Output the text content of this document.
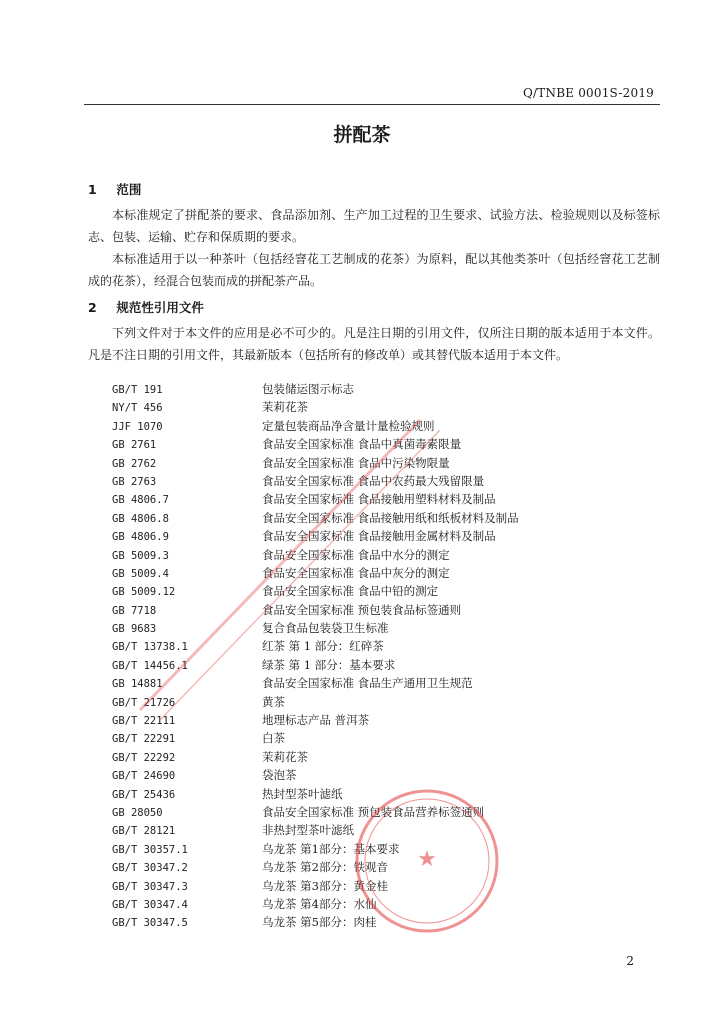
Q/TNBE 0001S-2019
拼配茶
1 范围
本标准规定了拼配茶的要求、食品添加剂、生产加工过程的卫生要求、试验方法、检验规则以及标签标志、包装、运输、贮存和保质期的要求。
本标准适用于以一种茶叶（包括经窨花工艺制成的花茶）为原料，配以其他类茶叶（包括经窨花工艺制成的花茶），经混合包装而成的拼配茶产品。
2 规范性引用文件
下列文件对于本文件的应用是必不可少的。凡是注日期的引用文件，仅所注日期的版本适用于本文件。凡是不注日期的引用文件，其最新版本（包括所有的修改单）或其替代版本适用于本文件。
GB/T 191	包装储运图示标志
NY/T 456	茉莉花茶
JJF 1070	定量包装商品净含量计量检验规则
GB 2761	食品安全国家标准 食品中真菌毒素限量
GB 2762	食品安全国家标准 食品中污染物限量
GB 2763	食品安全国家标准 食品中农药最大残留限量
GB 4806.7	食品安全国家标准 食品接触用塑料材料及制品
GB 4806.8	食品安全国家标准 食品接触用纸和纸板材料及制品
GB 4806.9	食品安全国家标准 食品接触用金属材料及制品
GB 5009.3	食品安全国家标准 食品中水分的测定
GB 5009.4	食品安全国家标准 食品中灰分的测定
GB 5009.12	食品安全国家标准 食品中铅的测定
GB 7718	食品安全国家标准 预包装食品标签通则
GB 9683	复合食品包装袋卫生标准
GB/T 13738.1	红茶 第 1 部分：红碎茶
GB/T 14456.1	绿茶 第 1 部分：基本要求
GB 14881	食品安全国家标准 食品生产通用卫生规范
GB/T 21726	黄茶
GB/T 22111	地理标志产品 普洱茶
GB/T 22291	白茶
GB/T 22292	茉莉花茶
GB/T 24690	袋泡茶
GB/T 25436	热封型茶叶滤纸
GB 28050	食品安全国家标准 预包装食品营养标签通则
GB/T 28121	非热封型茶叶滤纸
GB/T 30357.1	乌龙茶 第1部分：基本要求
GB/T 30347.2	乌龙茶 第2部分：铁观音
GB/T 30347.3	乌龙茶 第3部分：黄金桂
GB/T 30347.4	乌龙茶 第4部分：水仙
GB/T 30347.5	乌龙茶 第5部分：肉桂
★
2
